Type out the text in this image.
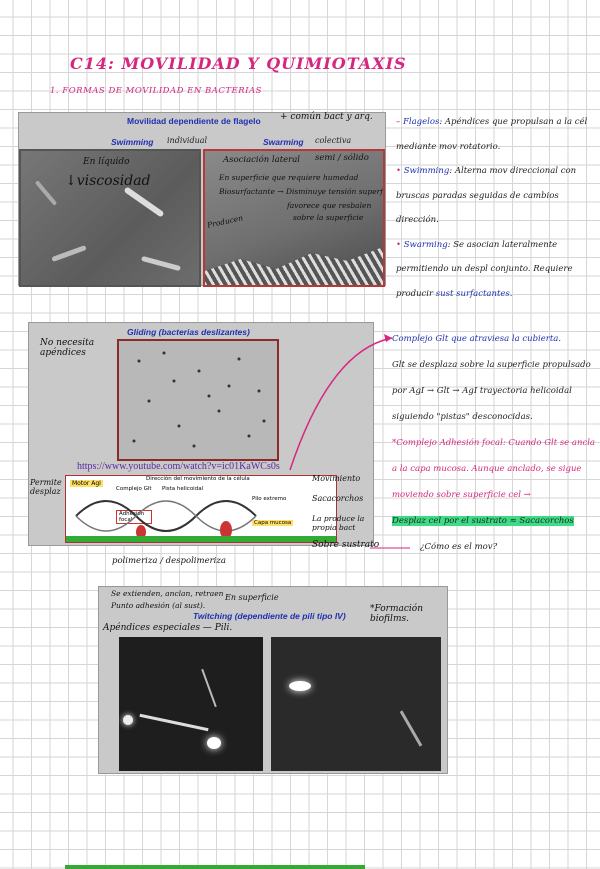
C14: MOVILIDAD Y QUIMIOTAXIS
1. FORMAS DE MOVILIDAD EN BACTERIAS
Movilidad dependiente de flagelo
Swimming individual	Swarming colectiva
En líquido
↓viscosidad
Asociación lateral semi / sólido
En superficie que requiere humedad
Biosurfactante → Disminuye tensión superf
favorece que resbalen
sobre la superficie
Producen
+ común bact y arq.	– Flagelos: Apéndices que propulsan a la cél mediante mov rotatorio.
• Swimming: Alterna mov direccional con bruscas paradas seguidas de cambios dirección.
• Swarming: Se asocian lateralmente permitiendo un despl conjunto. Requiere producir sust surfactantes.
Gliding (bacterias deslizantes)
https://www.youtube.com/watch?v=ic01KaWCs0s
Motor AgI
Dirección del movimiento de la célula
Complejo Glt Pista helicoidal
Adhesión focal
Pilo extremo
Capa mucosa
No necesita apéndices
Permite desplaz
Movimiento
Sacacorchos
La produce la propia bact
Sobre sustrato
Complejo Glt que atraviesa la cubierta.
Glt se desplaza sobre la superficie propulsado por AgI → Glt → AgI trayectoria helicoidal siguiendo "pistas" desconocidas.
*Complejo Adhesión focal: Cuando Glt se ancla a la capa mucosa. Aunque anclado, se sigue moviendo sobre superficie cel →
Desplaz cel por el sustrato ≈ Sacacorchos
¿Cómo es el mov?
polimeriza / despolimeriza
Se extienden, anclan, retraen
Punto adhesión (al sust).
En superficie
Twitching (dependiente de pili tipo IV)
Apéndices especiales — Pili.
*Formación biofilms.
